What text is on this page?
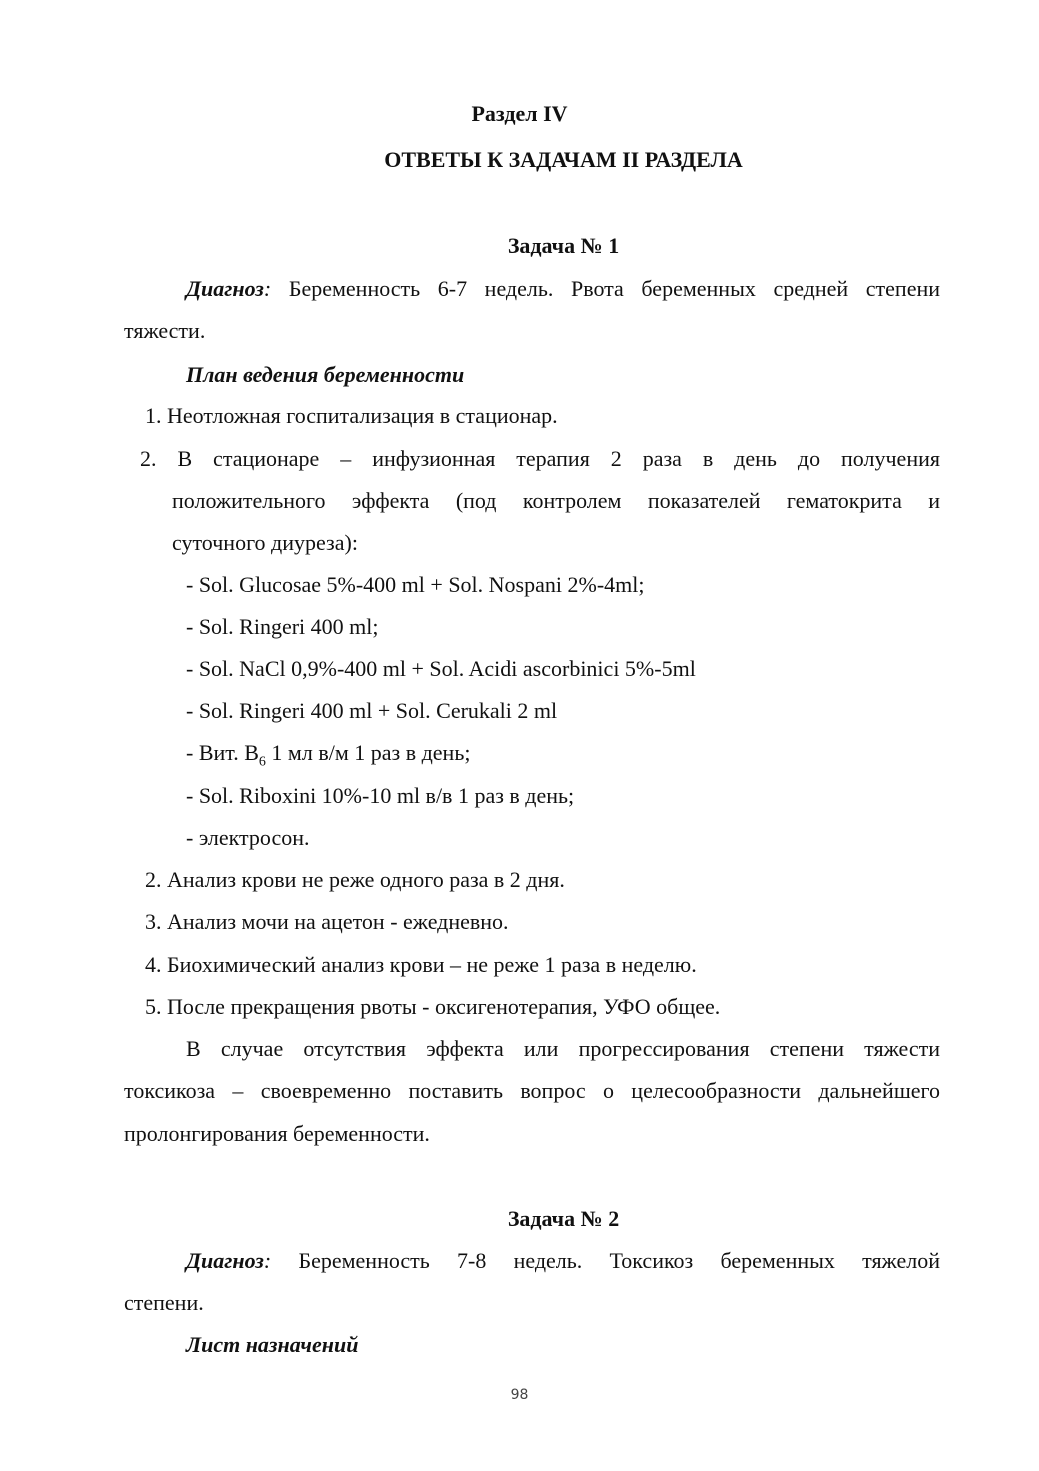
Раздел IV
ОТВЕТЫ К ЗАДАЧАМ II РАЗДЕЛА
Задача № 1
Диагноз: Беременность 6-7 недель. Рвота беременных средней степени
тяжести.
План ведения беременности
1. Неотложная госпитализация в стационар.
2. В стационаре – инфузионная терапия 2 раза в день до получения
положительного эффекта (под контролем показателей гематокрита и
суточного диуреза):
- Sol. Glucosae 5%-400 ml + Sol. Nospani 2%-4ml;
- Sol. Ringeri 400 ml;
- Sol. NaCl 0,9%-400 ml + Sol. Acidi ascorbinici 5%-5ml
- Sol. Ringeri 400 ml + Sol. Cerukali 2 ml
- Вит. $В_6$ 1 мл в/м 1 раз в день;
- Sol. Riboxini 10%-10 ml в/в 1 раз в день;
- электросон.
2. Анализ крови не реже одного раза в 2 дня.
3. Анализ мочи на ацетон - ежедневно.
4. Биохимический анализ крови – не реже 1 раза в неделю.
5. После прекращения рвоты - оксигенотерапия, УФО общее.
В случае отсутствия эффекта или прогрессирования степени тяжести
токсикоза – своевременно поставить вопрос о целесообразности дальнейшего
пролонгирования беременности.
Задача № 2
Диагноз: Беременность 7-8 недель. Токсикоз беременных тяжелой
степени.
Лист назначений
98
